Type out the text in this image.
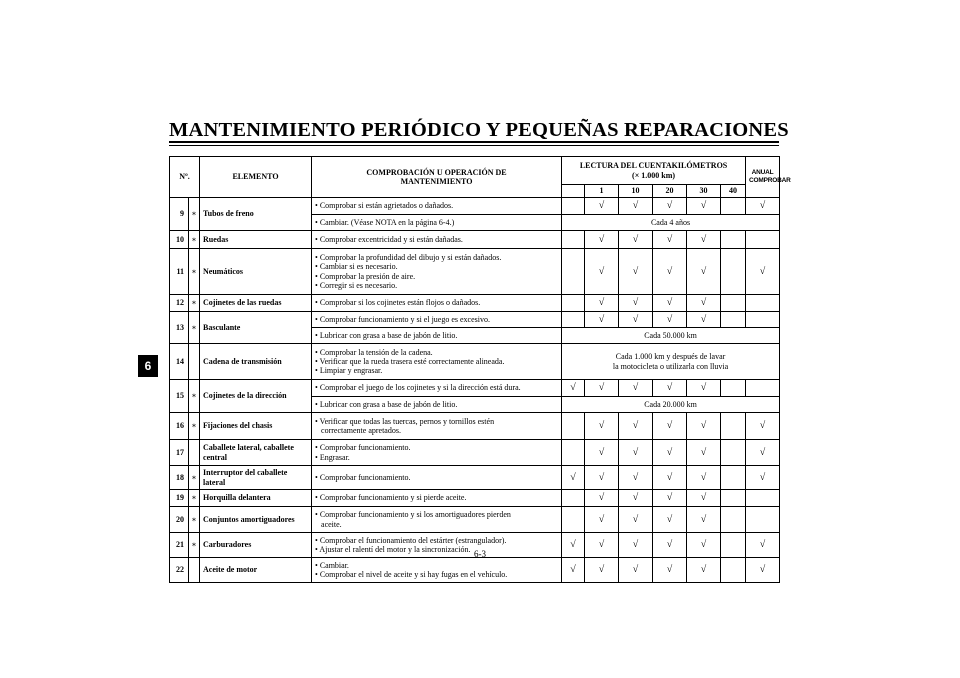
MANTENIMIENTO PERIÓDICO Y PEQUEÑAS REPARACIONES
6
Nº.		ELEMENTO	COMPROBACIÓN U OPERACIÓN DE
MANTENIMIENTO	LECTURA DEL CUENTAKILÓMETROS
(× 1.000 km)						ANUAL
COMPROBAR
					1	10	20	30	40	
9	∗	Tubos de freno	• Comprobar si están agrietados o dañados.		√	√	√	√		√
			• Cambiar. (Véase NOTA en la página 6-4.)	Cada 4 años						
10	∗	Ruedas	• Comprobar excentricidad y si están dañadas.		√	√	√	√		
11	∗	Neumáticos	• Comprobar la profundidad del dibujo y si están dañados.
• Cambiar si es necesario.
• Comprobar la presión de aire.
• Corregir si es necesario.		√	√	√	√		√
12	∗	Cojinetes de las ruedas	• Comprobar si los cojinetes están flojos o dañados.		√	√	√	√		
13	∗	Basculante	• Comprobar funcionamiento y si el juego es excesivo.		√	√	√	√		
			• Lubricar con grasa a base de jabón de litio.	Cada 50.000 km						
14		Cadena de transmisión	• Comprobar la tensión de la cadena.
• Verificar que la rueda trasera esté correctamente alineada.
• Limpiar y engrasar.	Cada 1.000 km y después de lavar
la motocicleta o utilizarla con lluvia						
15	∗	Cojinetes de la dirección	• Comprobar el juego de los cojinetes y si la dirección está dura.	√	√	√	√	√		
			• Lubricar con grasa a base de jabón de litio.	Cada 20.000 km						
16	∗	Fijaciones del chasis	• Verificar que todas las tuercas, pernos y tornillos estén
correctamente apretados.		√	√	√	√		√
17		Caballete lateral, caballete
central	• Comprobar funcionamiento.
• Engrasar.		√	√	√	√		√
18	∗	Interruptor del caballete
lateral	• Comprobar funcionamiento.	√	√	√	√	√		√
19	∗	Horquilla delantera	• Comprobar funcionamiento y si pierde aceite.		√	√	√	√		
20	∗	Conjuntos amortiguadores	• Comprobar funcionamiento y si los amortiguadores pierden
aceite.		√	√	√	√		
21	∗	Carburadores	• Comprobar el funcionamiento del estárter (estrangulador).
• Ajustar el ralentí del motor y la sincronización.	√	√	√	√	√		√
22		Aceite de motor	• Cambiar.
• Comprobar el nivel de aceite y si hay fugas en el vehículo.	√	√	√	√	√		√
6-3
